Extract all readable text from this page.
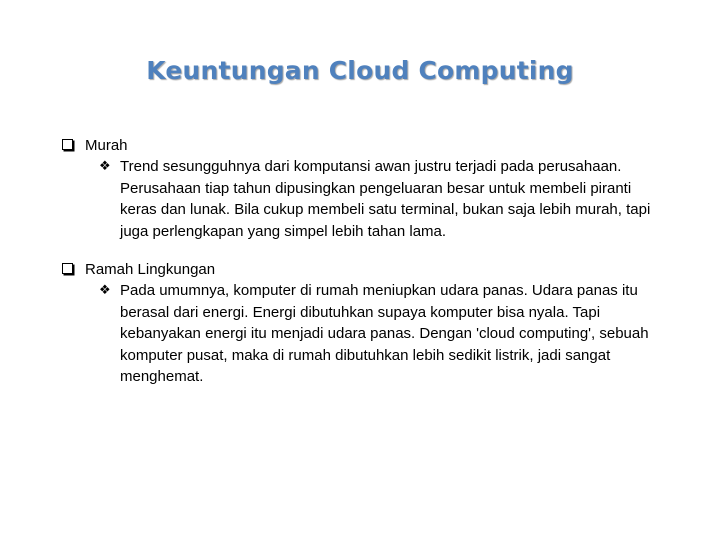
Keuntungan Cloud Computing
Murah
❖ Trend sesungguhnya dari komputansi awan justru terjadi pada perusahaan. Perusahaan tiap tahun dipusingkan pengeluaran besar untuk membeli piranti keras dan lunak. Bila cukup membeli satu terminal, bukan saja lebih murah, tapi juga perlengkapan yang simpel lebih tahan lama.
Ramah Lingkungan
❖ Pada umumnya, komputer di rumah meniupkan udara panas. Udara panas itu berasal dari energi. Energi dibutuhkan supaya komputer bisa nyala. Tapi kebanyakan energi itu menjadi udara panas. Dengan 'cloud computing', sebuah komputer pusat, maka di rumah dibutuhkan lebih sedikit listrik, jadi sangat menghemat.
